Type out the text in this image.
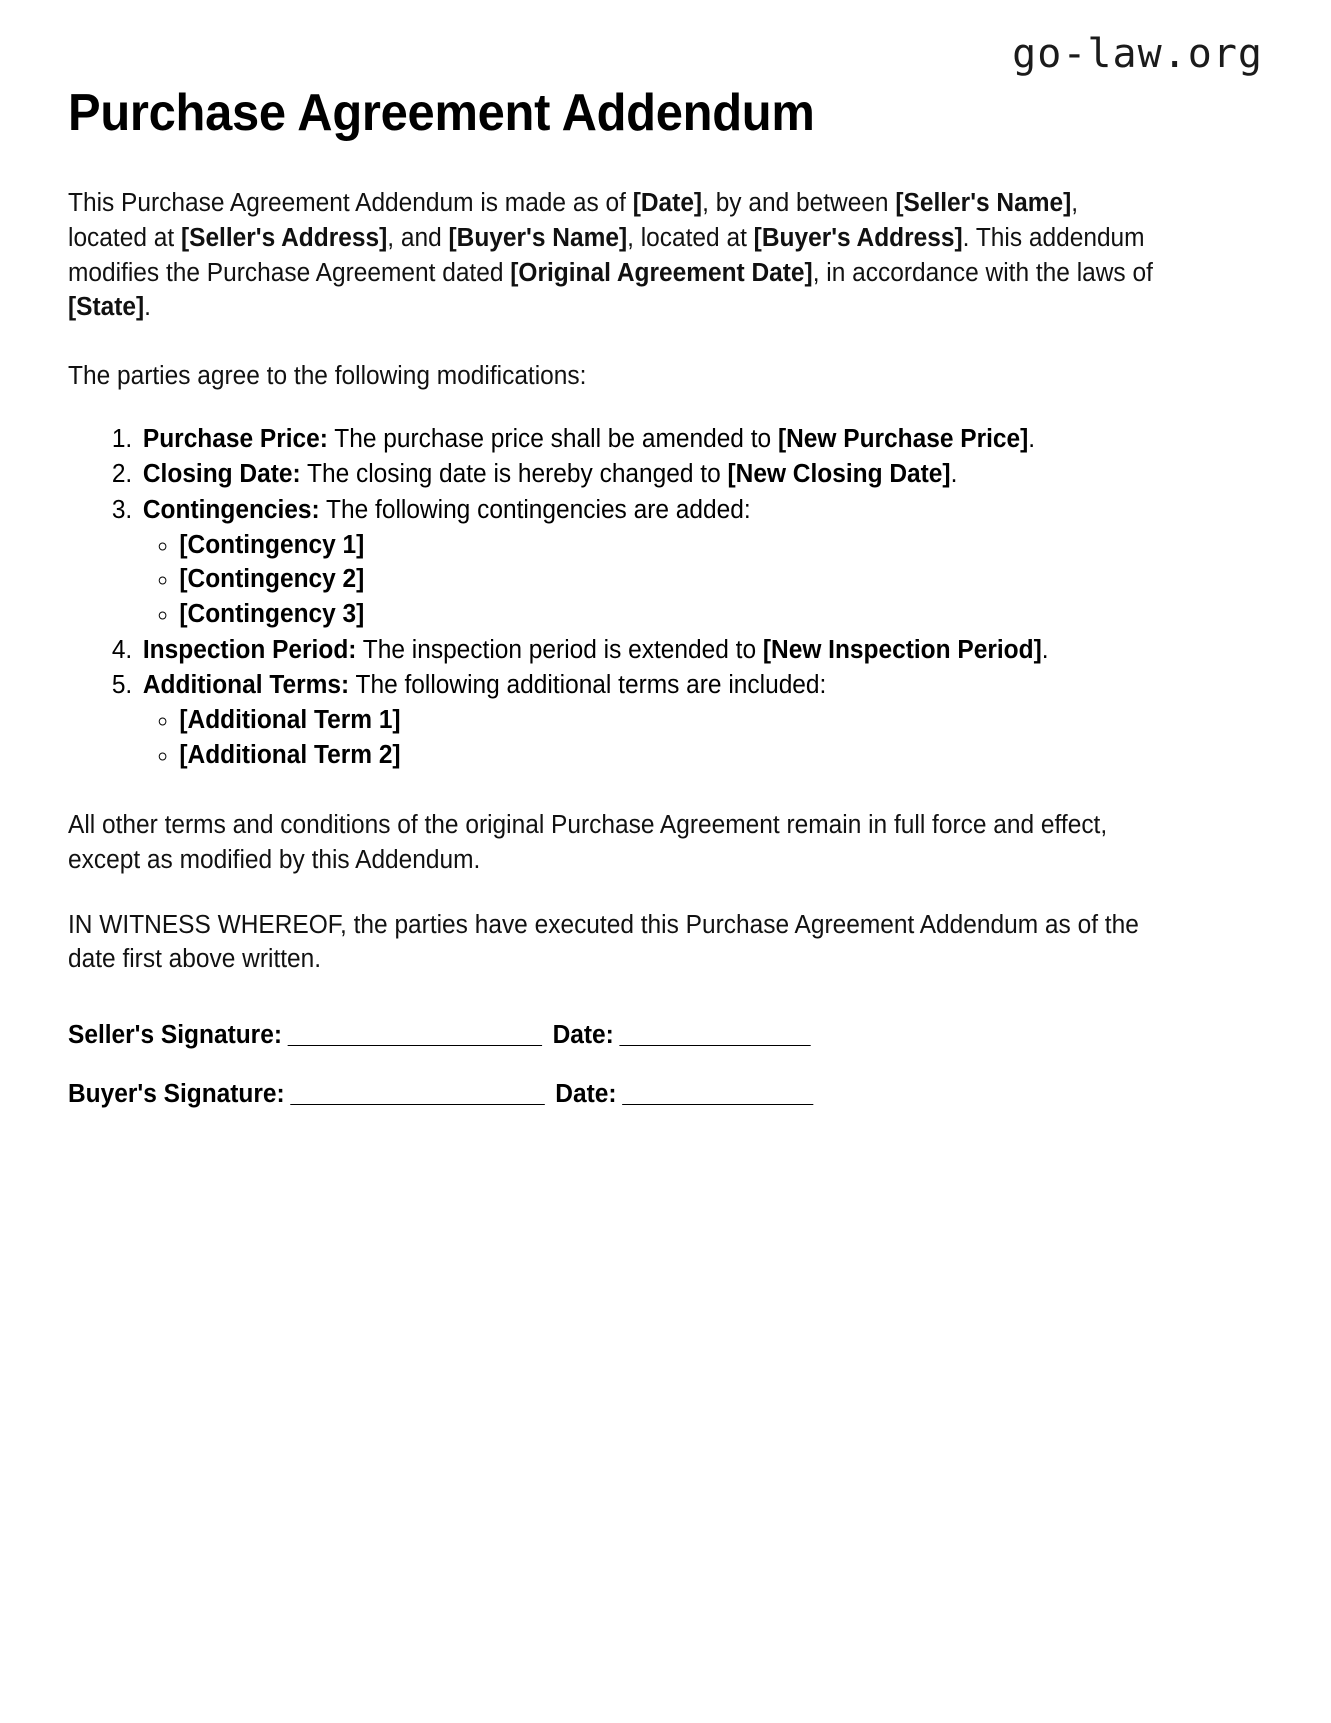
go-law.org
Purchase Agreement Addendum

This Purchase Agreement Addendum is made as of [Date], by and between [Seller's Name], located at [Seller's Address], and [Buyer's Name], located at [Buyer's Address]. This addendum modifies the Purchase Agreement dated [Original Agreement Date], in accordance with the laws of [State].

The parties agree to the following modifications:

1. Purchase Price: The purchase price shall be amended to [New Purchase Price].
2. Closing Date: The closing date is hereby changed to [New Closing Date].
3. Contingencies: The following contingencies are added:
◦ [Contingency 1]
◦ [Contingency 2]
◦ [Contingency 3]
4. Inspection Period: The inspection period is extended to [New Inspection Period].
5. Additional Terms: The following additional terms are included:
◦ [Additional Term 1]
◦ [Additional Term 2]

All other terms and conditions of the original Purchase Agreement remain in full force and effect, except as modified by this Addendum.

IN WITNESS WHEREOF, the parties have executed this Purchase Agreement Addendum as of the date first above written.

Seller's Signature: ____________________  Date: _______________
Buyer's Signature: ____________________  Date: _______________
